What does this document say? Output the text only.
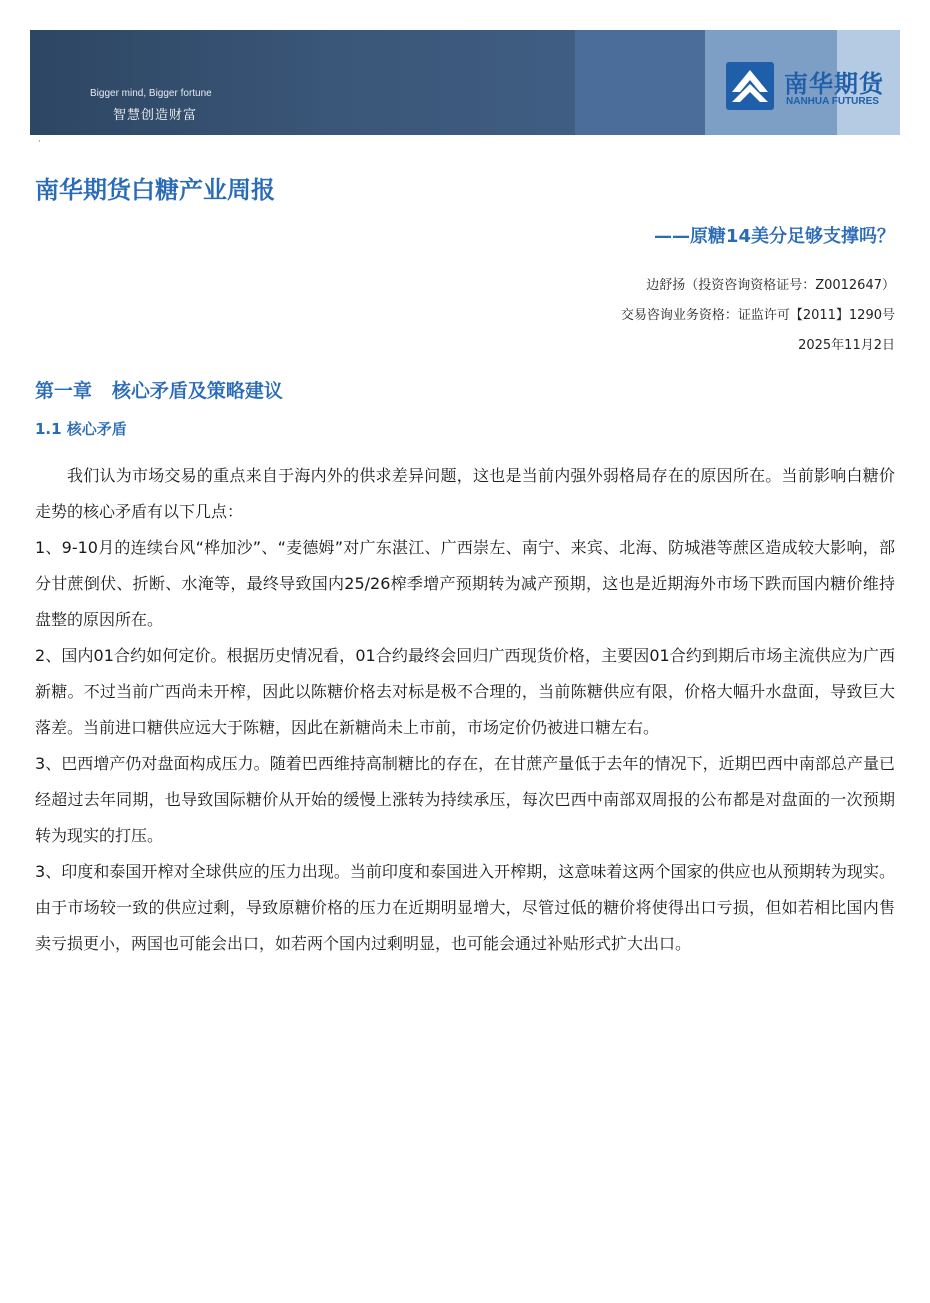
Bigger mind, Bigger fortune
智慧创造财富
南华期货
NANHUA FUTURES
·
南华期货白糖产业周报
——原糖14美分足够支撑吗？
边舒扬（投资咨询资格证号：Z0012647）
交易咨询业务资格：证监许可【2011】1290号
2025年11月2日
第一章   核心矛盾及策略建议
1.1 核心矛盾

我们认为市场交易的重点来自于海内外的供求差异问题，这也是当前内强外弱格局存在的原因所在。当前影响白糖价走势的核心矛盾有以下几点：

1、9-10月的连续台风“桦加沙”、“麦德姆”对广东湛江、广西崇左、南宁、来宾、北海、防城港等蔗区造成较大影响，部分甘蔗倒伏、折断、水淹等，最终导致国内25/26榨季增产预期转为减产预期，这也是近期海外市场下跌而国内糖价维持盘整的原因所在。

2、国内01合约如何定价。根据历史情况看，01合约最终会回归广西现货价格，主要因01合约到期后市场主流供应为广西新糖。不过当前广西尚未开榨，因此以陈糖价格去对标是极不合理的，当前陈糖供应有限，价格大幅升水盘面，导致巨大落差。当前进口糖供应远大于陈糖，因此在新糖尚未上市前，市场定价仍被进口糖左右。

3、巴西增产仍对盘面构成压力。随着巴西维持高制糖比的存在，在甘蔗产量低于去年的情况下，近期巴西中南部总产量已经超过去年同期，也导致国际糖价从开始的缓慢上涨转为持续承压，每次巴西中南部双周报的公布都是对盘面的一次预期转为现实的打压。

3、印度和泰国开榨对全球供应的压力出现。当前印度和泰国进入开榨期，这意味着这两个国家的供应也从预期转为现实。由于市场较一致的供应过剩，导致原糖价格的压力在近期明显增大，尽管过低的糖价将使得出口亏损，但如若相比国内售卖亏损更小，两国也可能会出口，如若两个国内过剩明显，也可能会通过补贴形式扩大出口。
